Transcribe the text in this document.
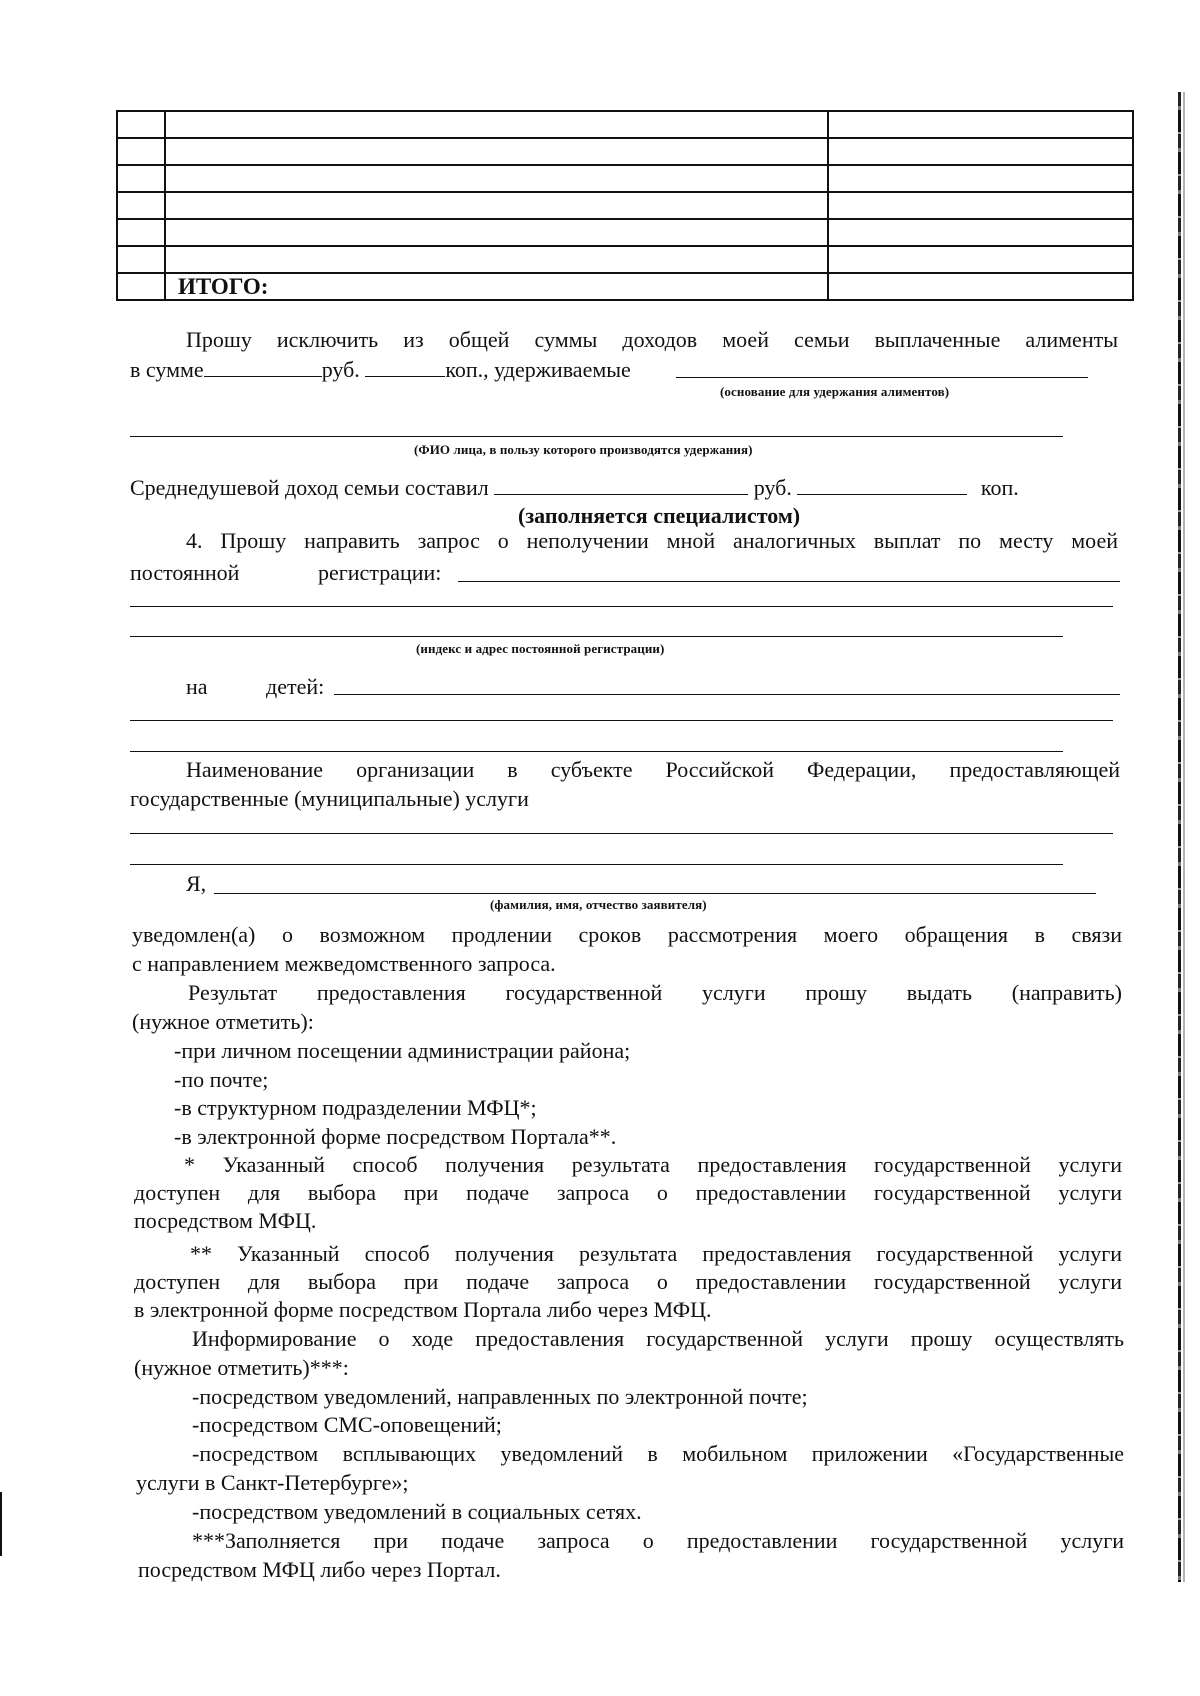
	ИТОГО:	
Прошу исключить из общей суммы доходов моей семьи выплаченные алименты
в сумме	руб.	коп., удерживаемые
(основание для удержания алиментов)
(ФИО лица, в пользу которого производятся удержания)
Среднедушевой доход семьи составил	руб.	коп.
(заполняется специалистом)
4. Прошу направить запрос о неполучении мной аналогичных выплат по месту моей
постоянной	регистрации:
(индекс и адрес постоянной регистрации)
на	детей:
Наименование организации в субъекте Российской Федерации, предоставляющей
государственные (муниципальные) услуги
Я,
(фамилия, имя, отчество заявителя)
уведомлен(а) о возможном продлении сроков рассмотрения моего обращения в связи
с направлением межведомственного запроса.
Результат предоставления государственной услуги прошу выдать (направить)
(нужное отметить):
-при личном посещении администрации района;
-по почте;
-в структурном подразделении МФЦ*;
-в электронной форме посредством Портала**.
* Указанный способ получения результата предоставления государственной услуги
доступен для выбора при подаче запроса о предоставлении государственной услуги
посредством МФЦ.
** Указанный способ получения результата предоставления государственной услуги
доступен для выбора при подаче запроса о предоставлении государственной услуги
в электронной форме посредством Портала либо через МФЦ.
Информирование о ходе предоставления государственной услуги прошу осуществлять
(нужное отметить)***:
-посредством уведомлений, направленных по электронной почте;
-посредством СМС-оповещений;
-посредством всплывающих уведомлений в мобильном приложении «Государственные
услуги в Санкт-Петербурге»;
-посредством уведомлений в социальных сетях.
***Заполняется при подаче запроса о предоставлении государственной услуги
посредством МФЦ либо через Портал.
